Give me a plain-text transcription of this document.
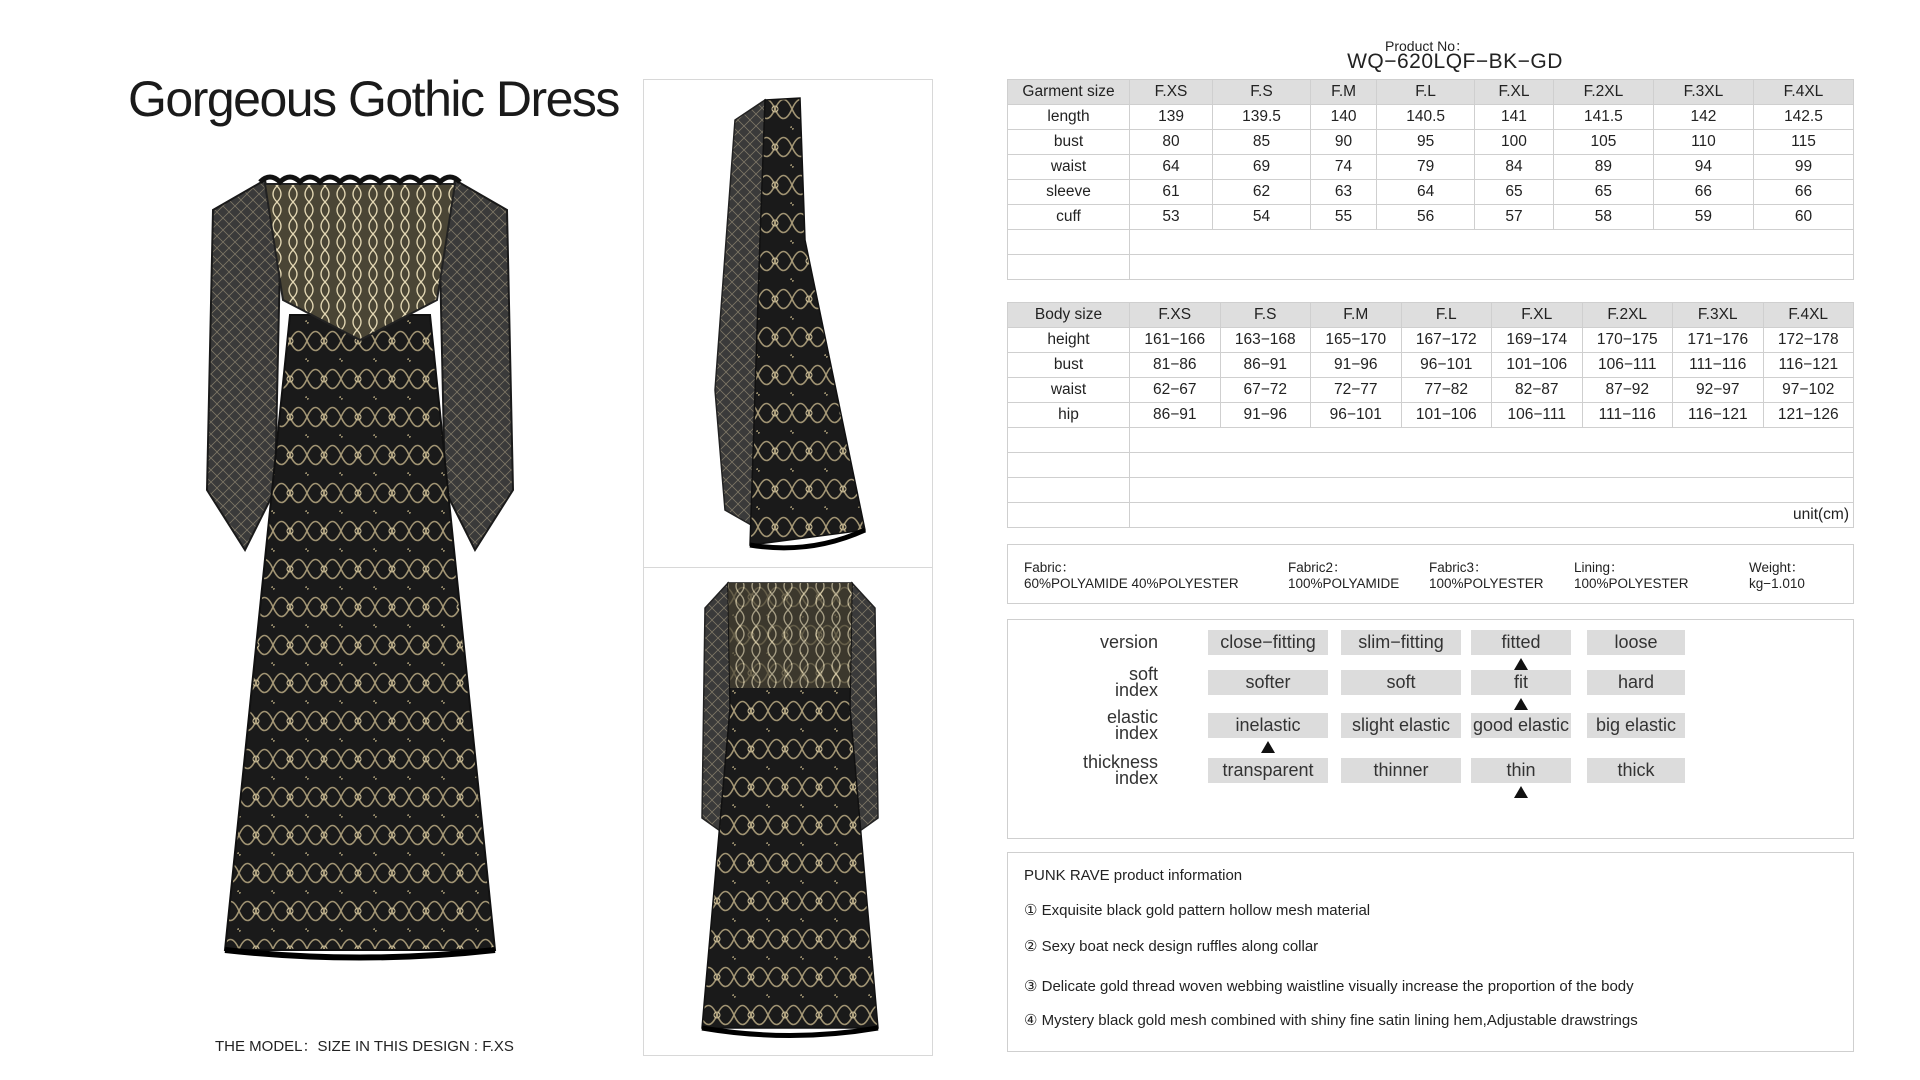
Gorgeous Gothic Dress
THE MODEL：SIZE IN THIS DESIGN : F.XS
Product No：
WQ−620LQF−BK−GD
Garment size	F.XS	F.S	F.M	F.L	F.XL	F.2XL	F.3XL	F.4XL
length	139	139.5	140	140.5	141	141.5	142	142.5
bust	80	85	90	95	100	105	110	115
waist	64	69	74	79	84	89	94	99
sleeve	61	62	63	64	65	65	66	66
cuff	53	54	55	56	57	58	59	60

Body size	F.XS	F.S	F.M	F.L	F.XL	F.2XL	F.3XL	F.4XL
height	161−166	163−168	165−170	167−172	169−174	170−175	171−176	172−178
bust	81−86	86−91	91−96	96−101	101−106	106−111	111−116	116−121
waist	62−67	67−72	72−77	77−82	82−87	87−92	92−97	97−102
hip	86−91	91−96	96−101	101−106	106−111	111−116	116−121	121−126

	unit(cm)							
Fabric：
60%POLYAMIDE 40%POLYESTER
Fabric2：
100%POLYAMIDE
Fabric3：
100%POLYESTER
Lining：
100%POLYESTER
Weight：
kg−1.010
version	close−fitting	slim−fitting	fitted	loose
soft
index	softer	soft	fit	hard
elastic
index	inelastic	slight elastic	good elastic	big elastic
thickness
index	transparent	thinner	thin	thick
PUNK RAVE product information
① Exquisite black gold pattern hollow mesh material
② Sexy boat neck design ruffles along collar
③ Delicate gold thread woven webbing waistline visually increase the proportion of the body
④ Mystery black gold mesh combined with shiny fine satin lining hem,Adjustable drawstrings
